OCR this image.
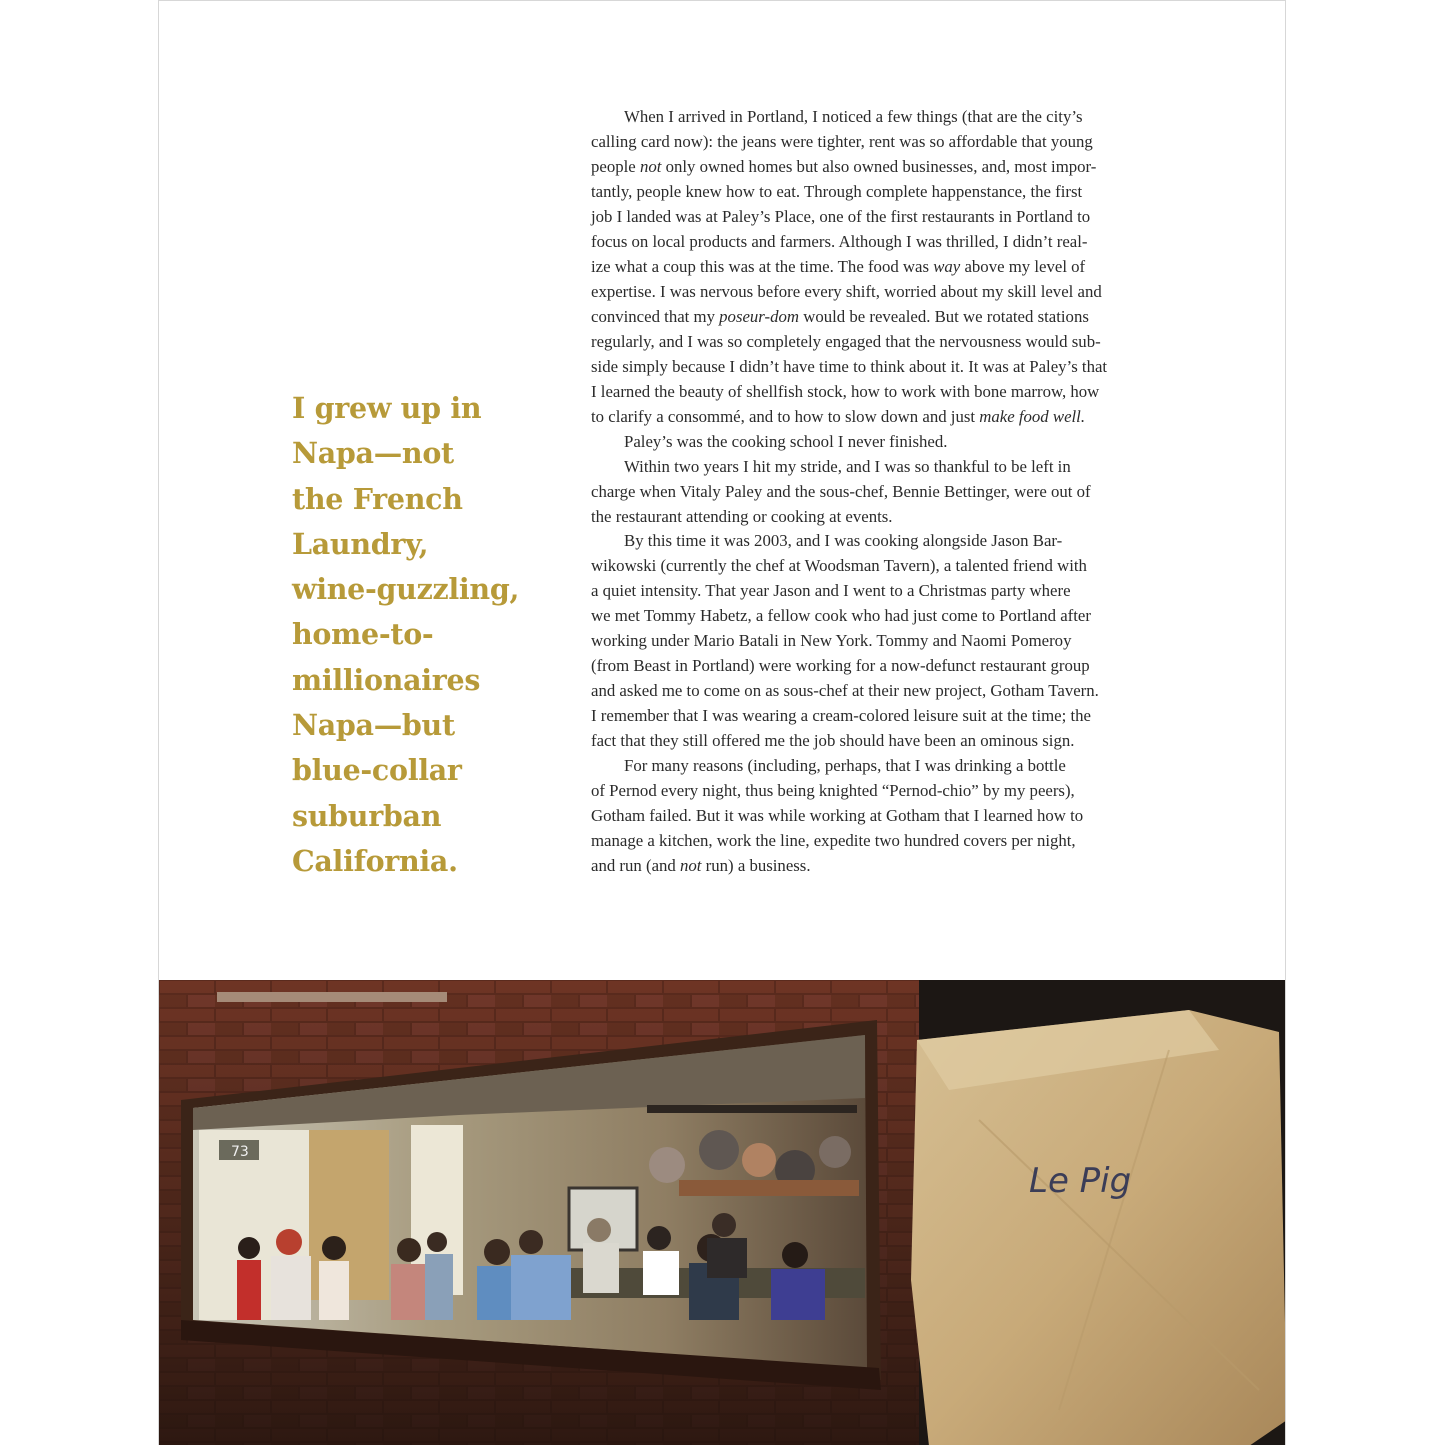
I grew up in
Napa—not
the French
Laundry,
wine-guzzling,
home-to-
millionaires
Napa—but
blue-collar
suburban
California.

When I arrived in Portland, I noticed a few things (that are the city’s
calling card now): the jeans were tighter, rent was so affordable that young
people not only owned homes but also owned businesses, and, most impor-
tantly, people knew how to eat. Through complete happenstance, the first
job I landed was at Paley’s Place, one of the first restaurants in Portland to
focus on local products and farmers. Although I was thrilled, I didn’t real-
ize what a coup this was at the time. The food was way above my level of
expertise. I was nervous before every shift, worried about my skill level and
convinced that my poseur-dom would be revealed. But we rotated stations
regularly, and I was so completely engaged that the nervousness would sub-
side simply because I didn’t have time to think about it. It was at Paley’s that
I learned the beauty of shellfish stock, how to work with bone marrow, how
to clarify a consommé, and to how to slow down and just make food well.
Paley’s was the cooking school I never finished.
Within two years I hit my stride, and I was so thankful to be left in
charge when Vitaly Paley and the sous-chef, Bennie Bettinger, were out of
the restaurant attending or cooking at events.
By this time it was 2003, and I was cooking alongside Jason Bar-
wikowski (currently the chef at Woodsman Tavern), a talented friend with
a quiet intensity. That year Jason and I went to a Christmas party where
we met Tommy Habetz, a fellow cook who had just come to Portland after
working under Mario Batali in New York. Tommy and Naomi Pomeroy
(from Beast in Portland) were working for a now-defunct restaurant group
and asked me to come on as sous-chef at their new project, Gotham Tavern.
I remember that I was wearing a cream-colored leisure suit at the time; the
fact that they still offered me the job should have been an ominous sign.
For many reasons (including, perhaps, that I was drinking a bottle
of Pernod every night, thus being knighted “Pernod-chio” by my peers),
Gotham failed. But it was while working at Gotham that I learned how to
manage a kitchen, work the line, expedite two hundred covers per night,
and run (and not run) a business.
73
Le Pig
